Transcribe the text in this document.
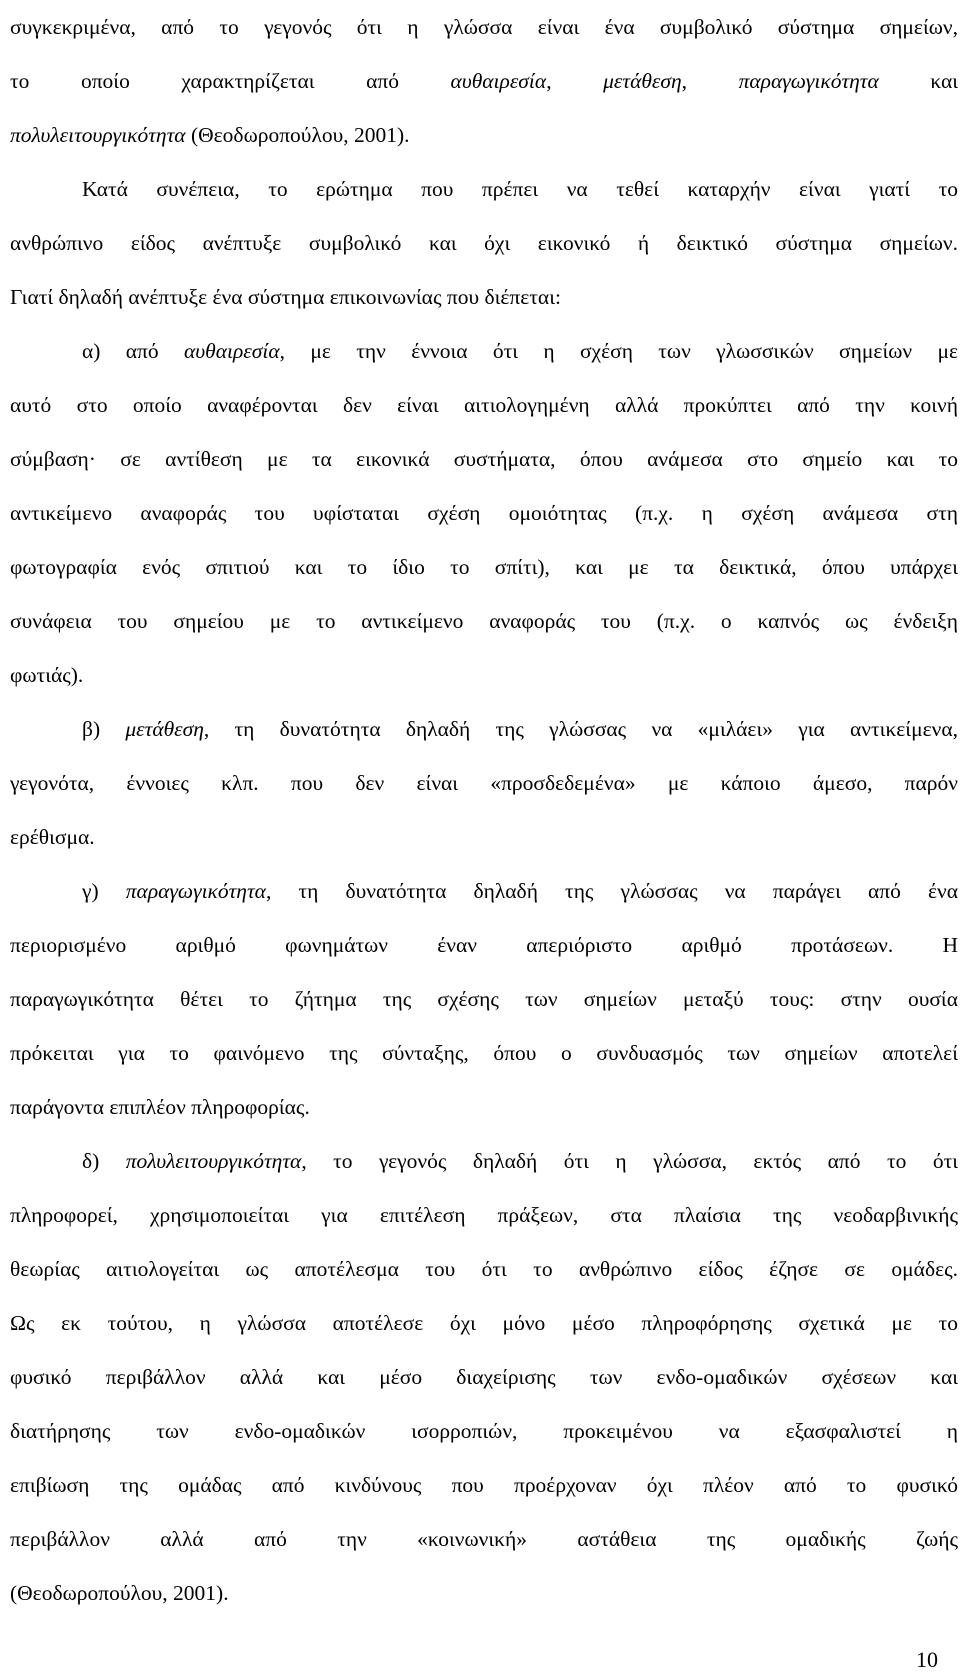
συγκεκριμένα, από το γεγονός ότι η γλώσσα είναι ένα συμβολικό σύστημα σημείων,
το οποίο χαρακτηρίζεται από αυθαιρεσία, μετάθεση, παραγωγικότητα και
πολυλειτουργικότητα (Θεοδωροπούλου, 2001).
Κατά συνέπεια, το ερώτημα που πρέπει να τεθεί καταρχήν είναι γιατί το
ανθρώπινο είδος ανέπτυξε συμβολικό και όχι εικονικό ή δεικτικό σύστημα σημείων.
Γιατί δηλαδή ανέπτυξε ένα σύστημα επικοινωνίας που διέπεται:
α) από αυθαιρεσία, με την έννοια ότι η σχέση των γλωσσικών σημείων με
αυτό στο οποίο αναφέρονται δεν είναι αιτιολογημένη αλλά προκύπτει από την κοινή
σύμβαση· σε αντίθεση με τα εικονικά συστήματα, όπου ανάμεσα στο σημείο και το
αντικείμενο αναφοράς του υφίσταται σχέση ομοιότητας (π.χ. η σχέση ανάμεσα στη
φωτογραφία ενός σπιτιού και το ίδιο το σπίτι), και με τα δεικτικά, όπου υπάρχει
συνάφεια του σημείου με το αντικείμενο αναφοράς του (π.χ. ο καπνός ως ένδειξη
φωτιάς).
β) μετάθεση, τη δυνατότητα δηλαδή της γλώσσας να «μιλάει» για αντικείμενα,
γεγονότα, έννοιες κλπ. που δεν είναι «προσδεδεμένα» με κάποιο άμεσο, παρόν
ερέθισμα.
γ) παραγωγικότητα, τη δυνατότητα δηλαδή της γλώσσας να παράγει από ένα
περιορισμένο αριθμό φωνημάτων έναν απεριόριστο αριθμό προτάσεων. Η
παραγωγικότητα θέτει το ζήτημα της σχέσης των σημείων μεταξύ τους: στην ουσία
πρόκειται για το φαινόμενο της σύνταξης, όπου ο συνδυασμός των σημείων αποτελεί
παράγοντα επιπλέον πληροφορίας.
δ) πολυλειτουργικότητα, το γεγονός δηλαδή ότι η γλώσσα, εκτός από το ότι
πληροφορεί, χρησιμοποιείται για επιτέλεση πράξεων, στα πλαίσια της νεοδαρβινικής
θεωρίας αιτιολογείται ως αποτέλεσμα του ότι το ανθρώπινο είδος έζησε σε ομάδες.
Ως εκ τούτου, η γλώσσα αποτέλεσε όχι μόνο μέσο πληροφόρησης σχετικά με το
φυσικό περιβάλλον αλλά και μέσο διαχείρισης των ενδο-ομαδικών σχέσεων και
διατήρησης των ενδο-ομαδικών ισορροπιών, προκειμένου να εξασφαλιστεί η
επιβίωση της ομάδας από κινδύνους που προέρχοναν όχι πλέον από το φυσικό
περιβάλλον αλλά από την «κοινωνική» αστάθεια της ομαδικής ζωής
(Θεοδωροπούλου, 2001).
10
